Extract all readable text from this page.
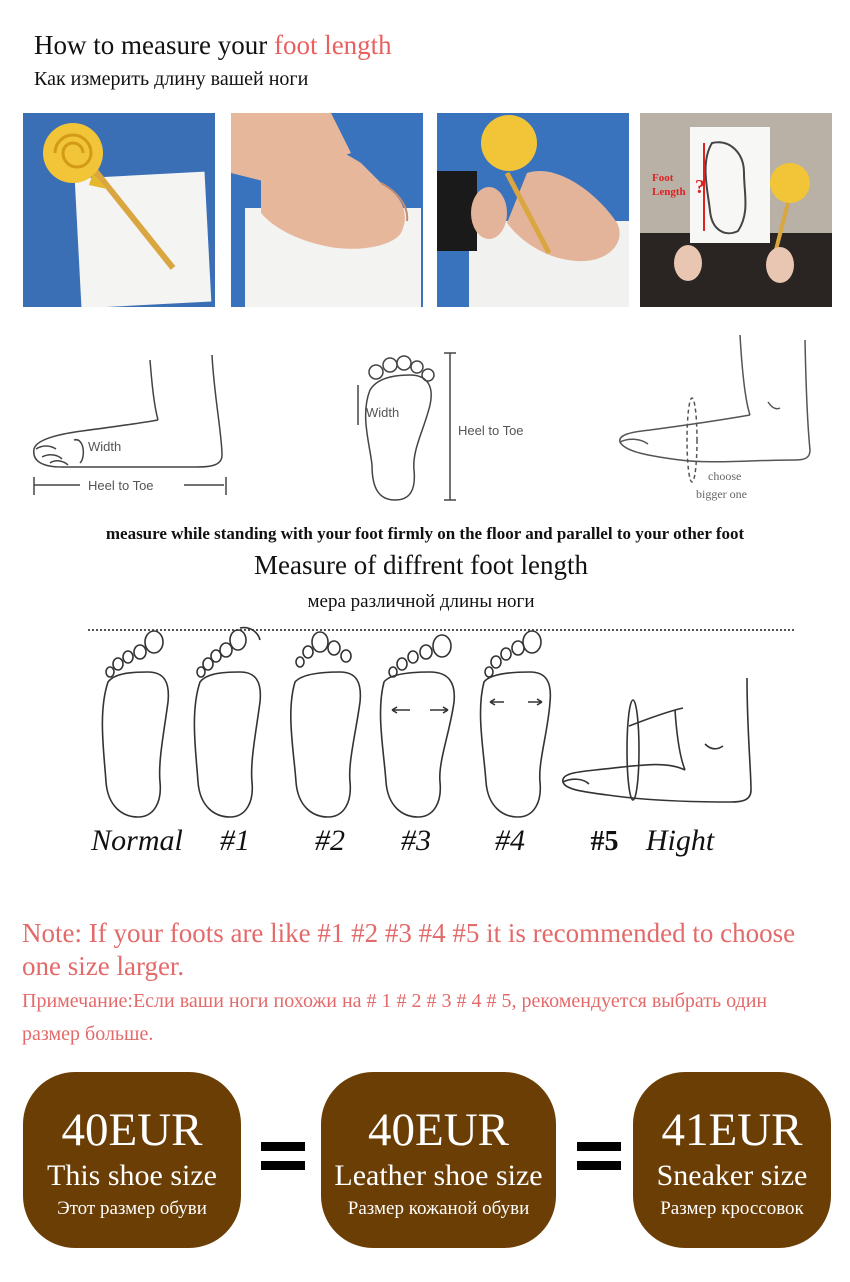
How to measure your foot length
Как измерить длину вашей ноги
Foot Length ?
Width
Heel to Toe
Width
Heel to Toe
choose
bigger one
measure while standing with your foot firmly on the floor and parallel to your other foot
Measure of diffrent foot length
мера различной длины ноги
Normal	#1	#2	#3	#4	#5 Hight
Note: If your foots are like #1 #2 #3 #4 #5 it is recommended to choose one size larger.
Примечание:Если ваши ноги похожи на # 1 # 2 # 3 # 4 # 5, рекомендуется выбрать один размер больше.
40EUR
This shoe size
Этот размер обуви
40EUR
Leather shoe size
Размер кожаной обуви
41EUR
Sneaker size
Размер кроссовок
